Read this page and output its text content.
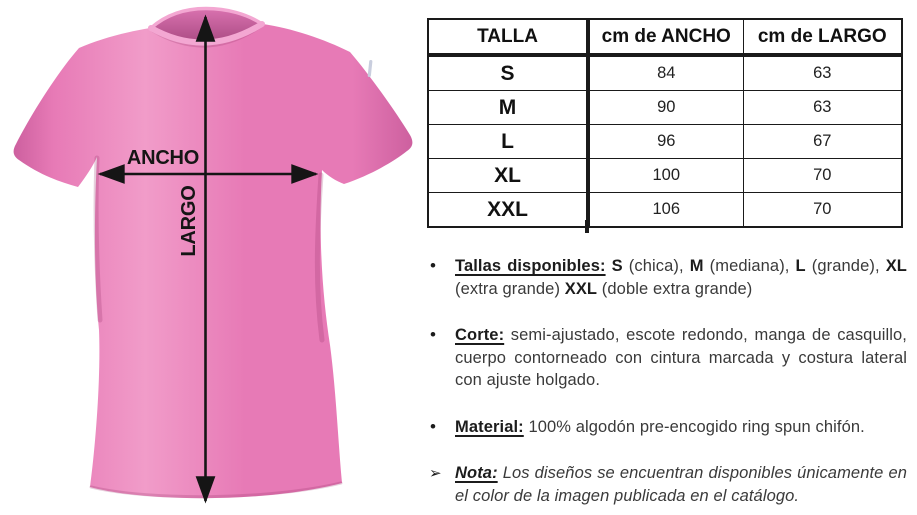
ANCHO
LARGO
TALLA	cm de ANCHO	cm de LARGO
S	84	63
M	90	63
L	96	67
XL	100	70
XXL	106	70
• Tallas disponibles: S (chica), M (mediana), L (grande), XL (extra grande) XXL (doble extra grande)

• Corte: semi-ajustado, escote redondo, manga de casquillo, cuerpo contorneado con cintura marcada y costura lateral con ajuste holgado.

• Material: 100% algodón pre-encogido ring spun chifón.

➢ Nota: Los diseños se encuentran disponibles únicamente en el color de la imagen publicada en el catálogo.
